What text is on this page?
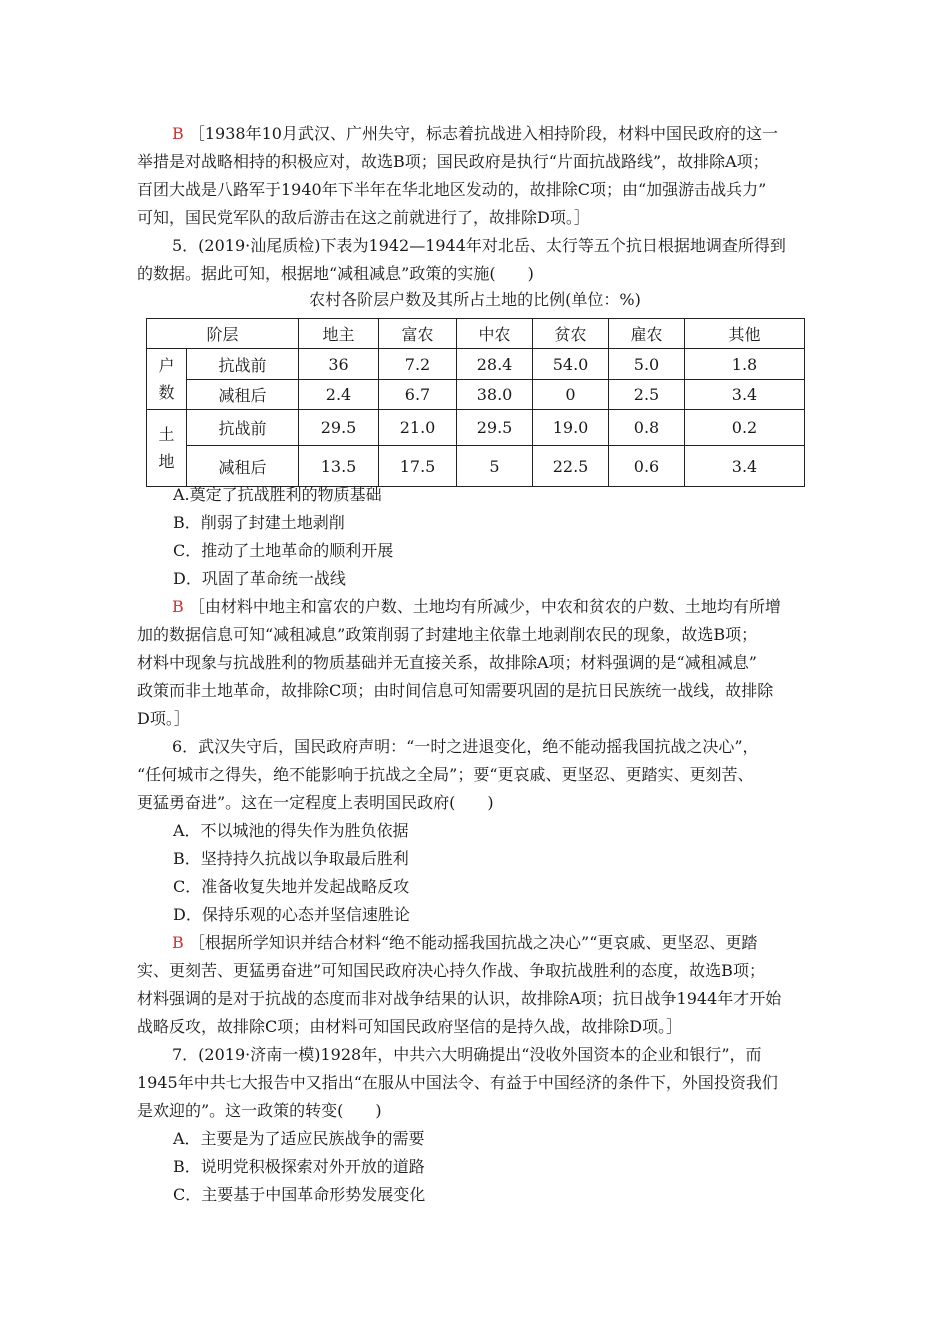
B ［1938年10月武汉、广州失守，标志着抗战进入相持阶段，材料中国民政府的这一
举措是对战略相持的积极应对，故选B项；国民政府是执行“片面抗战路线”，故排除A项；
百团大战是八路军于1940年下半年在华北地区发动的，故排除C项；由“加强游击战兵力”
可知，国民党军队的敌后游击在这之前就进行了，故排除D项。］
5．(2019·汕尾质检)下表为1942—1944年对北岳、太行等五个抗日根据地调查所得到
的数据。据此可知，根据地“减租减息”政策的实施(　　)
农村各阶层户数及其所占土地的比例(单位：%)
阶层		地主	富农	中农	贫农	雇农	其他
户
数	抗战前	36	7.2	28.4	54.0	5.0	1.8
	减租后	2.4	6.7	38.0	0	2.5	3.4
土
地	抗战前	29.5	21.0	29.5	19.0	0.8	0.2
	减租后	13.5	17.5	5	22.5	0.6	3.4
A.奠定了抗战胜利的物质基础
B．削弱了封建土地剥削
C．推动了土地革命的顺利开展
D．巩固了革命统一战线
B ［由材料中地主和富农的户数、土地均有所减少，中农和贫农的户数、土地均有所增
加的数据信息可知“减租减息”政策削弱了封建地主依靠土地剥削农民的现象，故选B项；
材料中现象与抗战胜利的物质基础并无直接关系，故排除A项；材料强调的是“减租减息”
政策而非土地革命，故排除C项；由时间信息可知需要巩固的是抗日民族统一战线，故排除
D项。］
6．武汉失守后，国民政府声明：“一时之进退变化，绝不能动摇我国抗战之决心”，
“任何城市之得失，绝不能影响于抗战之全局”；要“更哀戚、更坚忍、更踏实、更刻苦、
更猛勇奋进”。这在一定程度上表明国民政府(　　)
A．不以城池的得失作为胜负依据
B．坚持持久抗战以争取最后胜利
C．准备收复失地并发起战略反攻
D．保持乐观的心态并坚信速胜论
B ［根据所学知识并结合材料“绝不能动摇我国抗战之决心”“更哀戚、更坚忍、更踏
实、更刻苦、更猛勇奋进”可知国民政府决心持久作战、争取抗战胜利的态度，故选B项；
材料强调的是对于抗战的态度而非对战争结果的认识，故排除A项；抗日战争1944年才开始
战略反攻，故排除C项；由材料可知国民政府坚信的是持久战，故排除D项。］
7．(2019·济南一模)1928年，中共六大明确提出“没收外国资本的企业和银行”，而
1945年中共七大报告中又指出“在服从中国法令、有益于中国经济的条件下，外国投资我们
是欢迎的”。这一政策的转变(　　)
A．主要是为了适应民族战争的需要
B．说明党积极探索对外开放的道路
C．主要基于中国革命形势发展变化
